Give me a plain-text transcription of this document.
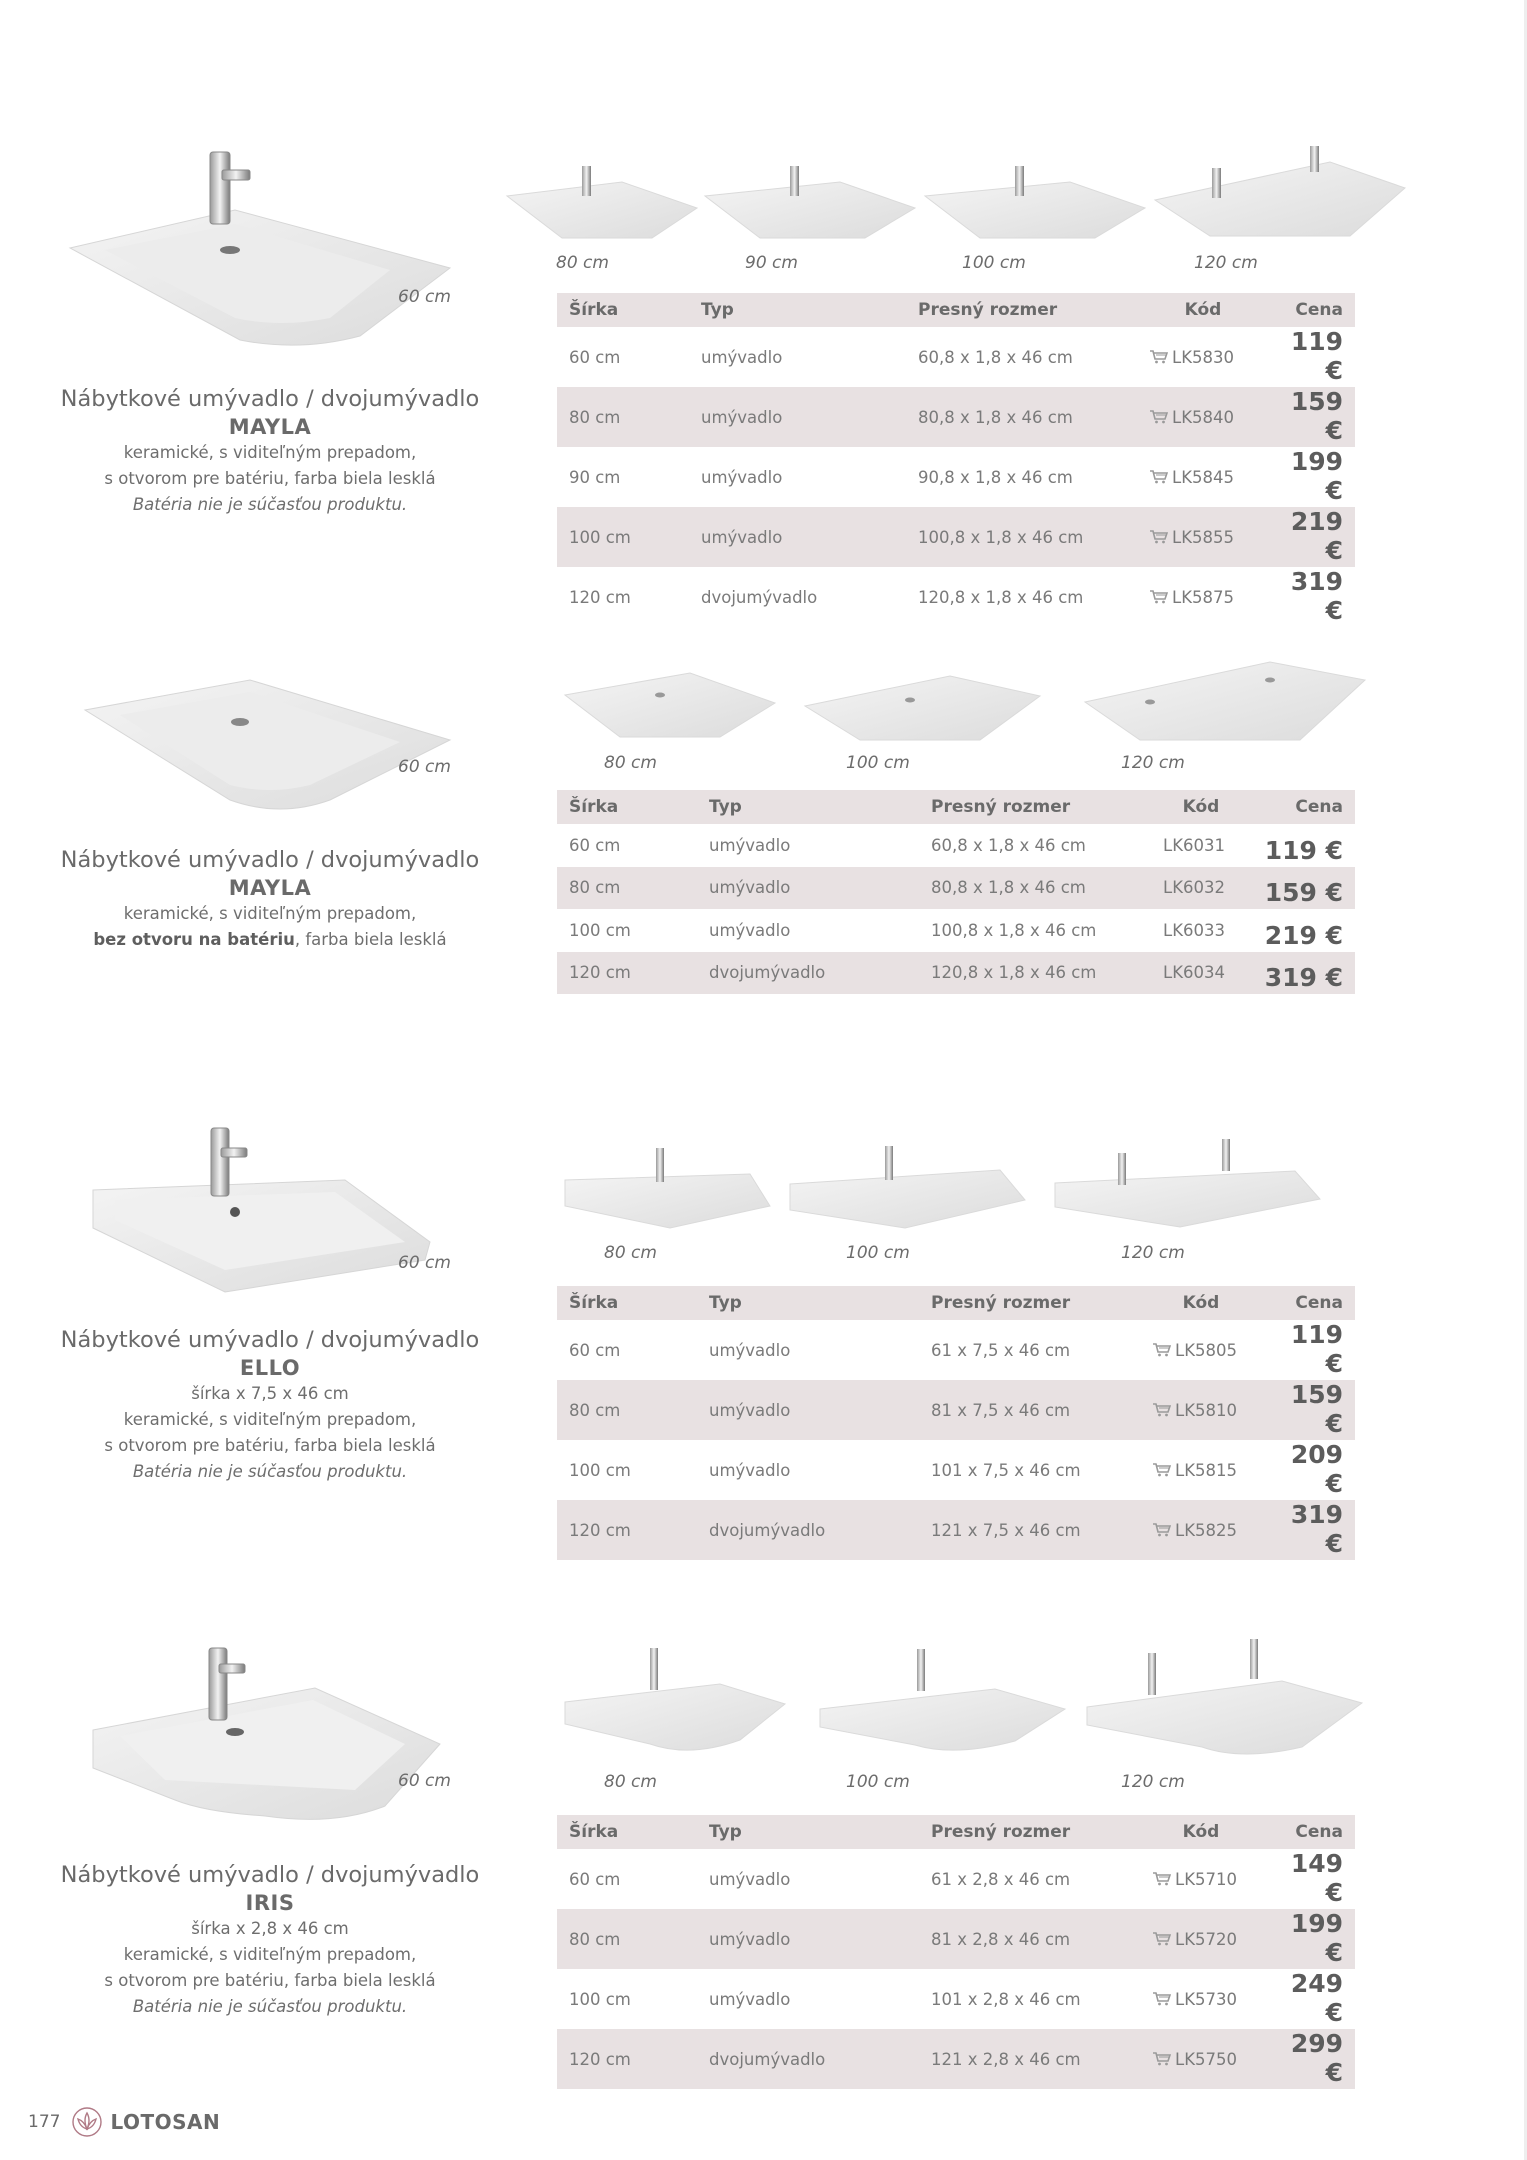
60 cm
80 cm	90 cm	100 cm	120 cm
Nábytkové umývadlo / dvojumývadlo
MAYLA
keramické, s viditeľným prepadom,
s otvorom pre batériu, farba biela lesklá
Batéria nie je súčasťou produktu.
Šírka	Typ	Presný rozmer	Kód	Cena
60 cm	umývadlo	60,8 x 1,8 x 46 cm	LK5830	119 €
80 cm	umývadlo	80,8 x 1,8 x 46 cm	LK5840	159 €
90 cm	umývadlo	90,8 x 1,8 x 46 cm	LK5845	199 €
100 cm	umývadlo	100,8 x 1,8 x 46 cm	LK5855	219 €
120 cm	dvojumývadlo	120,8 x 1,8 x 46 cm	LK5875	319 €
60 cm	80 cm	100 cm	120 cm
Nábytkové umývadlo / dvojumývadlo
MAYLA
keramické, s viditeľným prepadom,
bez otvoru na batériu, farba biela lesklá
Šírka	Typ	Presný rozmer	Kód	Cena
60 cm	umývadlo	60,8 x 1,8 x 46 cm	LK6031	119 €
80 cm	umývadlo	80,8 x 1,8 x 46 cm	LK6032	159 €
100 cm	umývadlo	100,8 x 1,8 x 46 cm	LK6033	219 €
120 cm	dvojumývadlo	120,8 x 1,8 x 46 cm	LK6034	319 €
60 cm	80 cm	100 cm	120 cm
Nábytkové umývadlo / dvojumývadlo
ELLO
šírka x 7,5 x 46 cm
keramické, s viditeľným prepadom,
s otvorom pre batériu, farba biela lesklá
Batéria nie je súčasťou produktu.
Šírka	Typ	Presný rozmer	Kód	Cena
60 cm	umývadlo	61 x 7,5 x 46 cm	LK5805	119 €
80 cm	umývadlo	81 x 7,5 x 46 cm	LK5810	159 €
100 cm	umývadlo	101 x 7,5 x 46 cm	LK5815	209 €
120 cm	dvojumývadlo	121 x 7,5 x 46 cm	LK5825	319 €
60 cm	80 cm	100 cm	120 cm
Nábytkové umývadlo / dvojumývadlo
IRIS
šírka x 2,8 x 46 cm
keramické, s viditeľným prepadom,
s otvorom pre batériu, farba biela lesklá
Batéria nie je súčasťou produktu.
Šírka	Typ	Presný rozmer	Kód	Cena
60 cm	umývadlo	61 x 2,8 x 46 cm	LK5710	149 €
80 cm	umývadlo	81 x 2,8 x 46 cm	LK5720	199 €
100 cm	umývadlo	101 x 2,8 x 46 cm	LK5730	249 €
120 cm	dvojumývadlo	121 x 2,8 x 46 cm	LK5750	299 €
177	LOTOSAN
